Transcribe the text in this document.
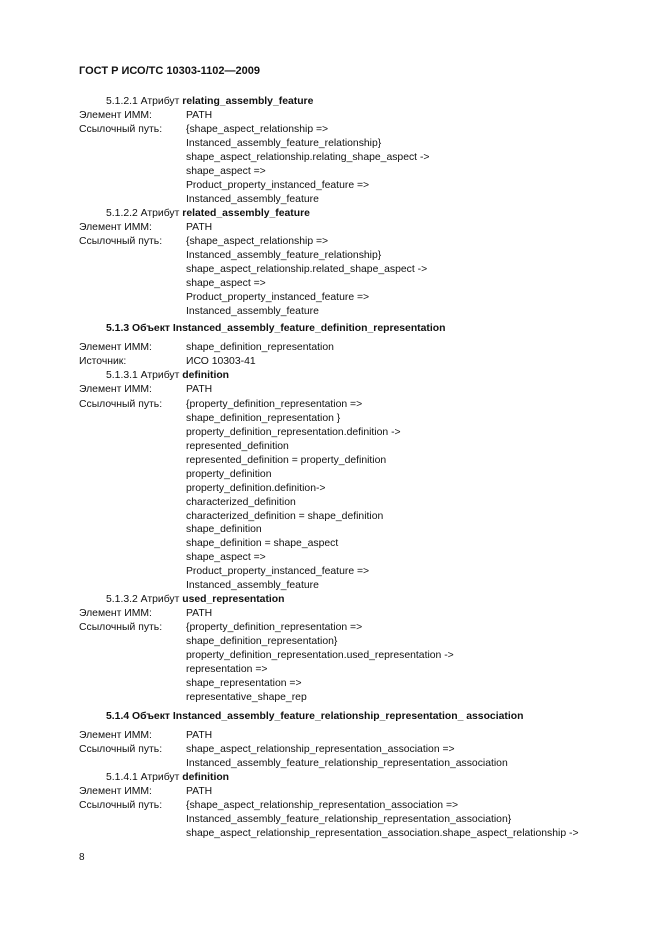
ГОСТ Р ИСО/ТС 10303-1102—2009
5.1.2.1 Атрибут relating_assembly_feature
Элемент ИММ:	PATH
Ссылочный путь: {shape_aspect_relationship =>
Instanced_assembly_feature_relationship}
shape_aspect_relationship.relating_shape_aspect ->
shape_aspect =>
Product_property_instanced_feature =>
Instanced_assembly_feature
5.1.2.2 Атрибут related_assembly_feature
Элемент ИММ:	PATH
Ссылочный путь: {shape_aspect_relationship =>
Instanced_assembly_feature_relationship}
shape_aspect_relationship.related_shape_aspect ->
shape_aspect =>
Product_property_instanced_feature =>
Instanced_assembly_feature
5.1.3 Объект Instanced_assembly_feature_definition_representation
Элемент ИММ:	shape_definition_representation
Источник:	ИСО 10303-41
5.1.3.1 Атрибут definition
Элемент ИММ:	PATH
Ссылочный путь: {property_definition_representation =>
shape_definition_representation }
property_definition_representation.definition ->
represented_definition
represented_definition = property_definition
property_definition
property_definition.definition->
characterized_definition
characterized_definition = shape_definition
shape_definition
shape_definition = shape_aspect
shape_aspect =>
Product_property_instanced_feature =>
Instanced_assembly_feature
5.1.3.2 Атрибут used_representation
Элемент ИММ:	PATH
Ссылочный путь: {property_definition_representation =>
shape_definition_representation}
property_definition_representation.used_representation ->
representation =>
shape_representation =>
representative_shape_rep
5.1.4 Объект Instanced_assembly_feature_relationship_representation_ association
Элемент ИММ:	PATH
Ссылочный путь: shape_aspect_relationship_representation_association =>
Instanced_assembly_feature_relationship_representation_association
5.1.4.1 Атрибут definition
Элемент ИММ:	PATH
Ссылочный путь: {shape_aspect_relationship_representation_association =>
Instanced_assembly_feature_relationship_representation_association}
shape_aspect_relationship_representation_association.shape_aspect_relationship ->
8
